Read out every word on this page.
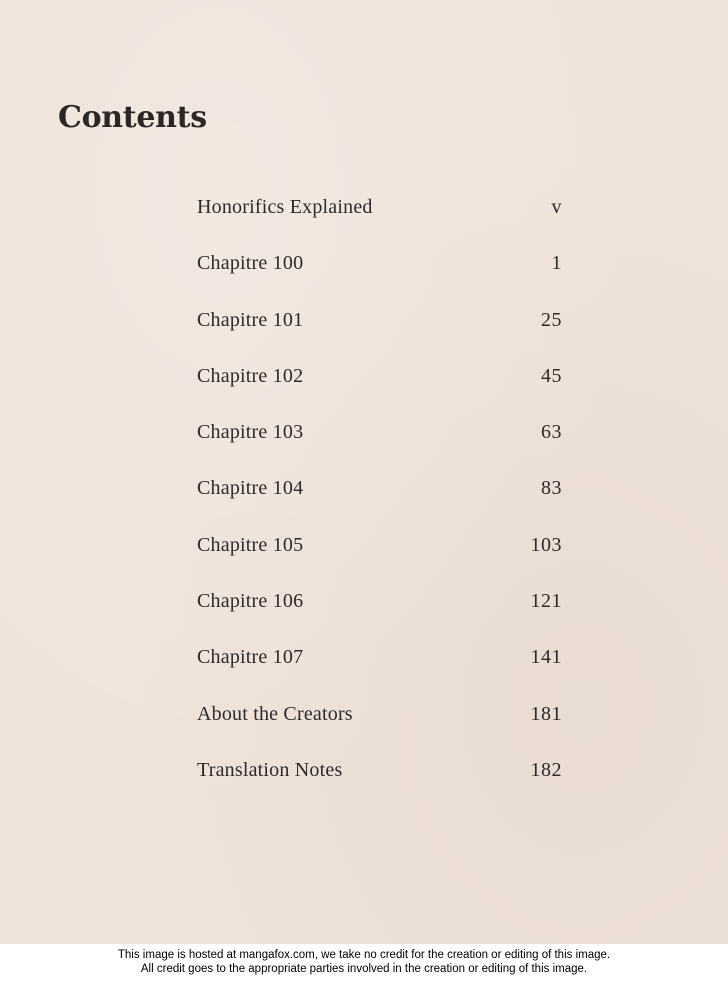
Contents
Honorifics Explained	v
Chapitre 100	1
Chapitre 101	25
Chapitre 102	45
Chapitre 103	63
Chapitre 104	83
Chapitre 105	103
Chapitre 106	121
Chapitre 107	141
About the Creators	181
Translation Notes	182
This image is hosted at mangafox.com, we take no credit for the creation or editing of this image.
All credit goes to the appropriate parties involved in the creation or editing of this image.
